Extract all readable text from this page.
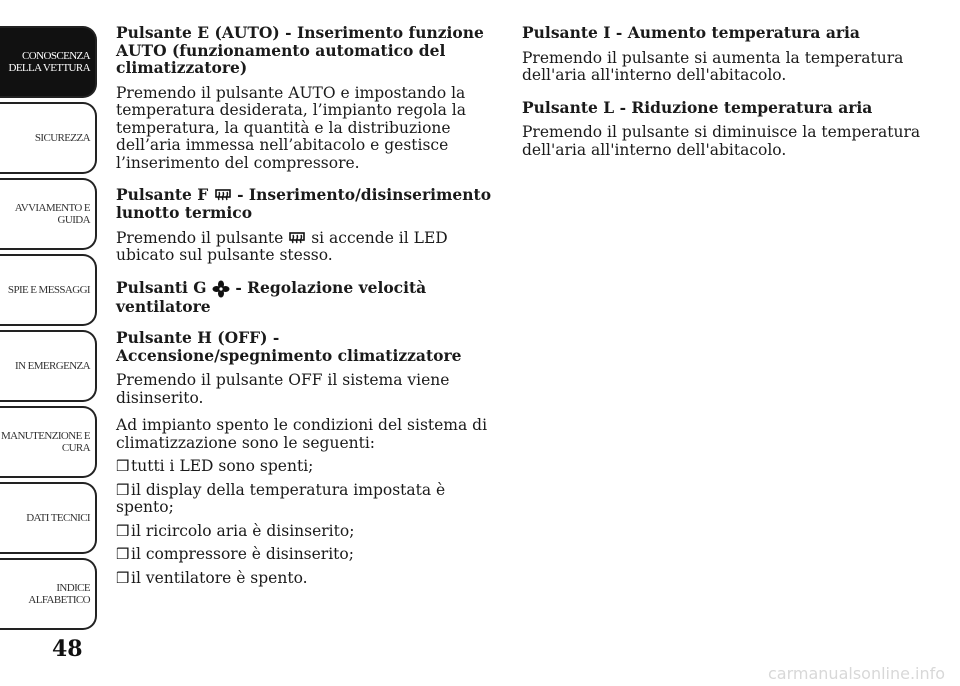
CONOSCENZA
DELLA VETTURA
SICUREZZA
AVVIAMENTO E
GUIDA
SPIE E MESSAGGI
IN EMERGENZA
MANUTENZIONE E
CURA
DATI TECNICI
INDICE
ALFABETICO
48
carmanualsonline.info
Pulsante E (AUTO) - Inserimento funzione AUTO (funzionamento automatico del climatizzatore)

Premendo il pulsante AUTO e impostando la temperatura desiderata, l’impianto regola la temperatura, la quantità e la distribuzione dell’aria immessa nell’abitacolo e gestisce l’inserimento del compressore.

Pulsante F  - Inserimento/disinserimento lunotto termico

Premendo il pulsante  si accende il LED ubicato sul pulsante stesso.

Pulsanti G  - Regolazione velocità ventilatore
Pulsante H (OFF) - Accensione/spegnimento climatizzatore

Premendo il pulsante OFF il sistema viene disinserito.

Ad impianto spento le condizioni del sistema di climatizzazione sono le seguenti:

❒tutti i LED sono spenti;
❒il display della temperatura impostata è spento;
❒il ricircolo aria è disinserito;
❒il compressore è disinserito;
❒il ventilatore è spento.
Pulsante I - Aumento temperatura aria

Premendo il pulsante si aumenta la temperatura dell'aria all'interno dell'abitacolo.

Pulsante L - Riduzione temperatura aria

Premendo il pulsante si diminuisce la temperatura dell'aria all'interno dell'abitacolo.
